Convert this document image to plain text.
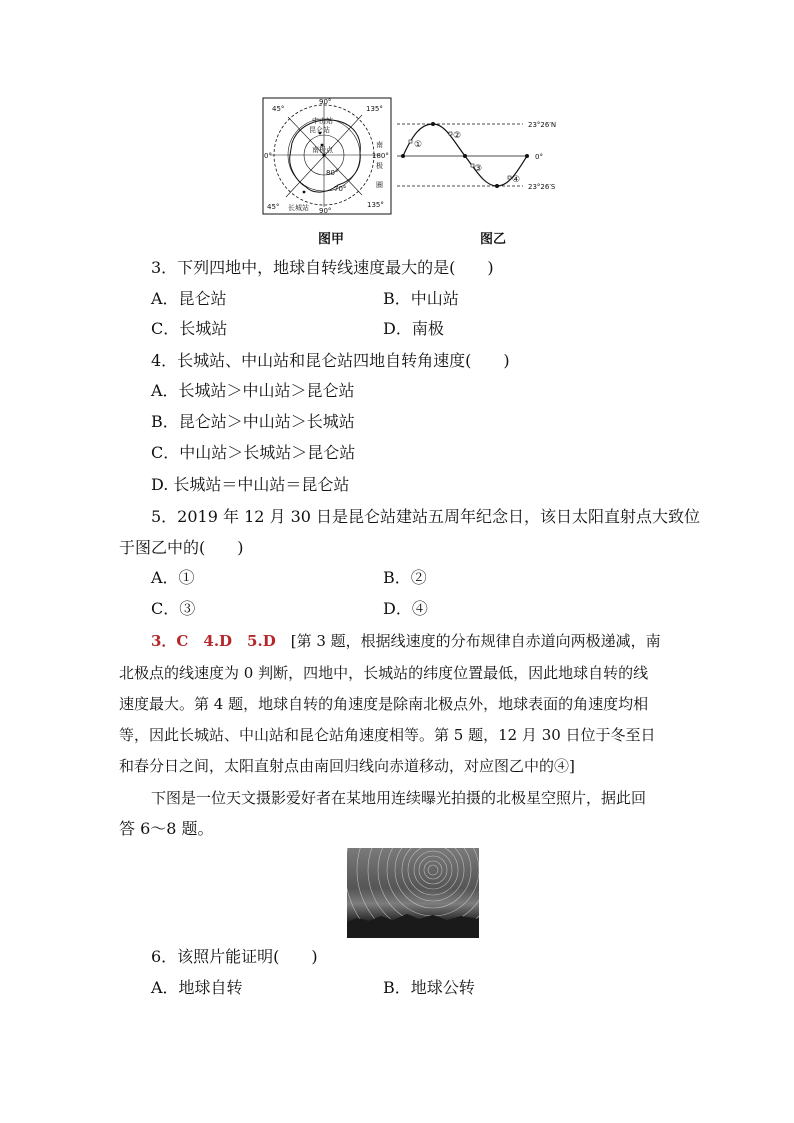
90°
45°	135°
0°	180°
45°	135°
90°
80°
70°
中山站
昆仑站
南极点
长城站
南
极
圈
①
②
③
④
23°26′N
0°
23°26′S
图甲	图乙
3．下列四地中，地球自转线速度最大的是(　　)
A．昆仑站	B．中山站
C．长城站	D．南极
4．长城站、中山站和昆仑站四地自转角速度(　　)
A．长城站＞中山站＞昆仑站
B．昆仑站＞中山站＞长城站
C．中山站＞长城站＞昆仑站
D. 长城站＝中山站＝昆仑站
5．2019 年 12 月 30 日是昆仑站建站五周年纪念日，该日太阳直射点大致位
于图乙中的(　　)
A．①	B．②
C．③	D．④
3．C　4.D　5.D　[第 3 题，根据线速度的分布规律自赤道向两极递减，南
北极点的线速度为 0 判断，四地中，长城站的纬度位置最低，因此地球自转的线
速度最大。第 4 题，地球自转的角速度是除南北极点外，地球表面的角速度均相
等，因此长城站、中山站和昆仑站角速度相等。第 5 题，12 月 30 日位于冬至日
和春分日之间，太阳直射点由南回归线向赤道移动，对应图乙中的④]
下图是一位天文摄影爱好者在某地用连续曝光拍摄的北极星空照片，据此回
答 6～8 题。
6．该照片能证明(　　)
A．地球自转	B．地球公转
